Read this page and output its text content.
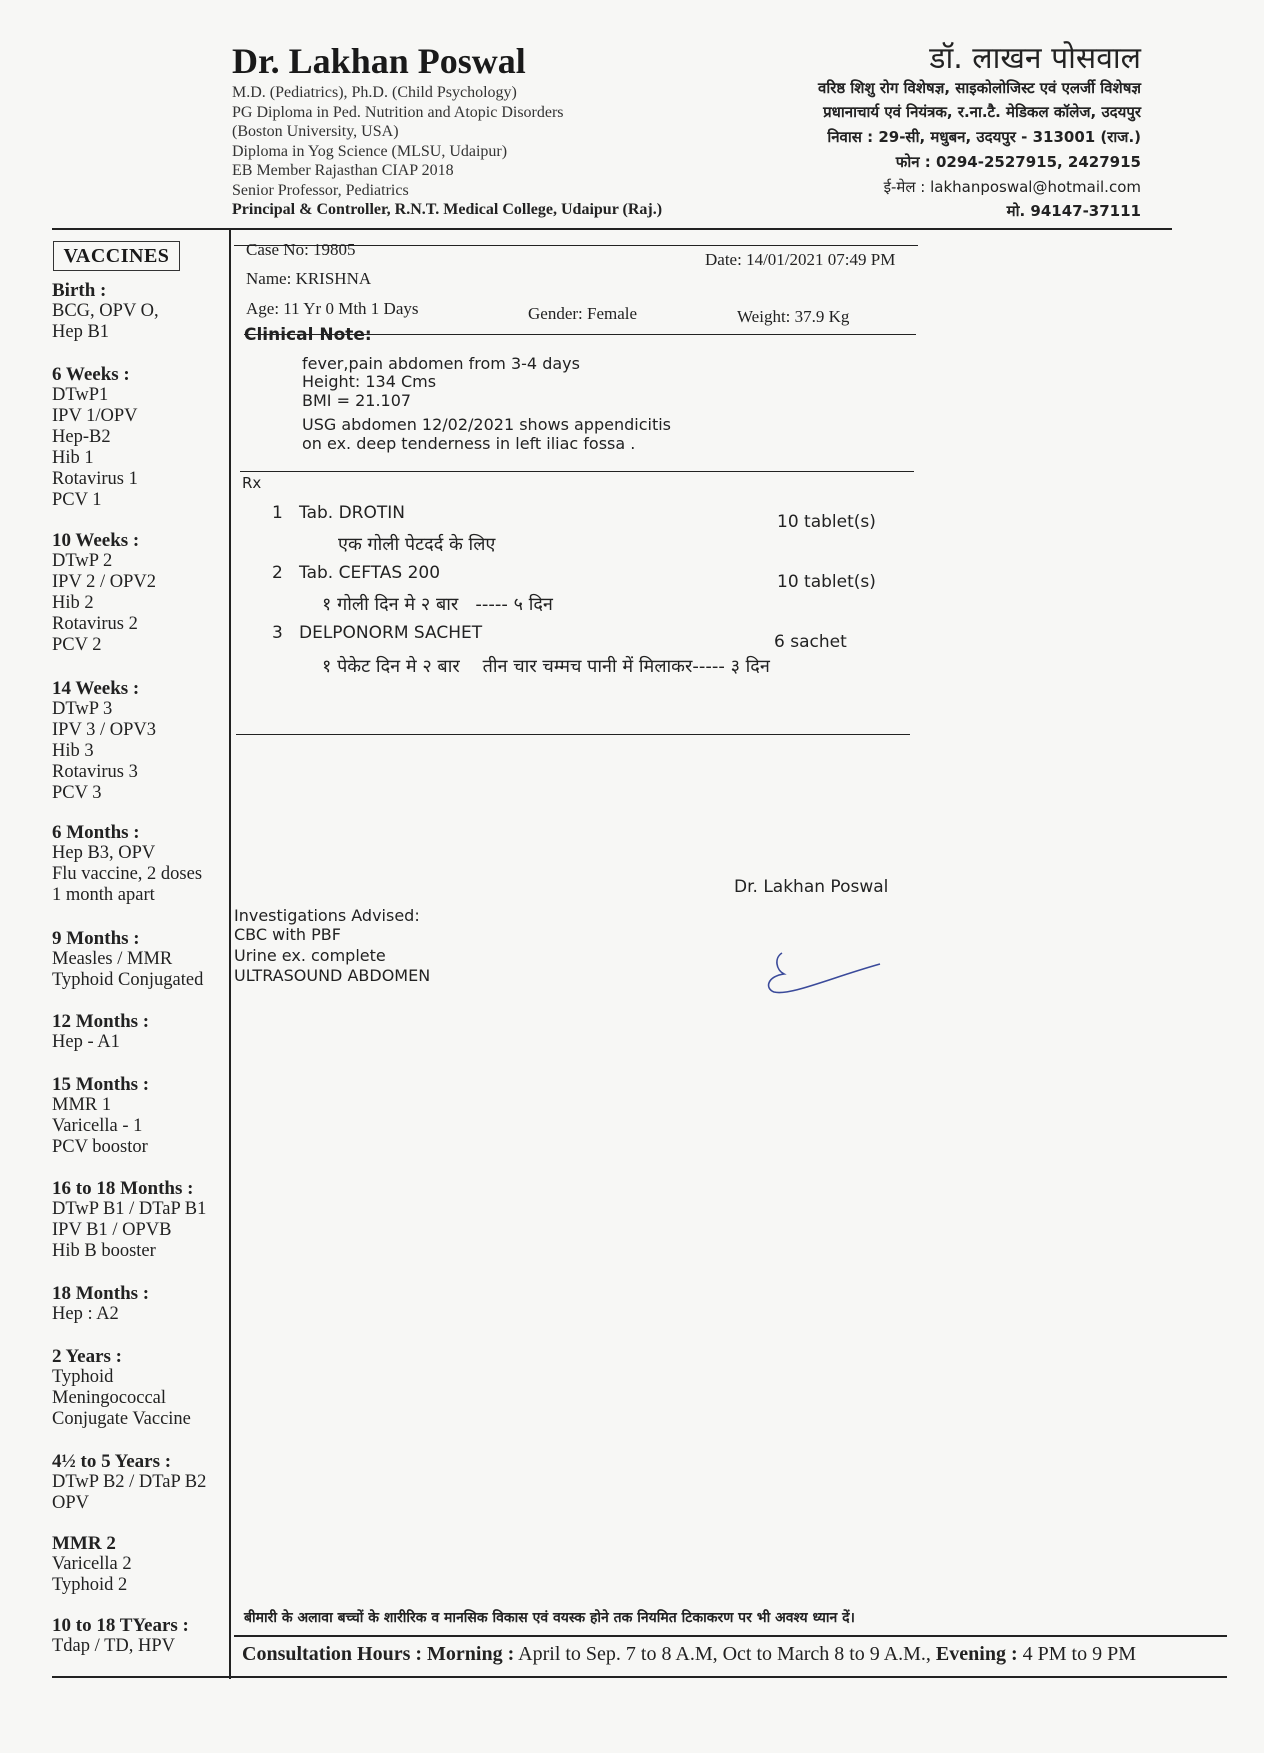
Dr. Lakhan Poswal
M.D. (Pediatrics), Ph.D. (Child Psychology)
PG Diploma in Ped. Nutrition and Atopic Disorders
(Boston University, USA)
Diploma in Yog Science (MLSU, Udaipur)
EB Member Rajasthan CIAP 2018
Senior Professor, Pediatrics
Principal & Controller, R.N.T. Medical College, Udaipur (Raj.)
डॉ. लाखन पोसवाल
वरिष्ठ शिशु रोग विशेषज्ञ, साइकोलोजिस्ट एवं एलर्जी विशेषज्ञ
प्रधानाचार्य एवं नियंत्रक, र.ना.टै. मेडिकल कॉलेज, उदयपुर
निवास : 29-सी, मधुबन, उदयपुर - 313001 (राज.)
फोन : 0294-2527915, 2427915
ई-मेल : lakhanposwal@hotmail.com
मो. 94147-37111
VACCINES
Birth :
BCG, OPV O,
Hep B1
6 Weeks :
DTwP1
IPV 1/OPV
Hep-B2
Hib 1
Rotavirus 1
PCV 1
10 Weeks :
DTwP 2
IPV 2 / OPV2
Hib 2
Rotavirus 2
PCV 2
14 Weeks :
DTwP 3
IPV 3 / OPV3
Hib 3
Rotavirus 3
PCV 3
6 Months :
Hep B3, OPV
Flu vaccine, 2 doses
1 month apart
9 Months :
Measles / MMR
Typhoid Conjugated
12 Months :
Hep - A1
15 Months :
MMR 1
Varicella - 1
PCV boostor
16 to 18 Months :
DTwP B1 / DTaP B1
IPV B1 / OPVB
Hib B booster
18 Months :
Hep : A2
2 Years :
Typhoid
Meningococcal
Conjugate Vaccine
4½ to 5 Years :
DTwP B2 / DTaP B2
OPV
MMR 2
Varicella 2
Typhoid 2
10 to 18 TYears :
Tdap / TD, HPV
Case No: 19805
Date: 14/01/2021 07:49 PM
Name: KRISHNA
Age: 11 Yr 0 Mth 1 Days	Gender: Female	Weight: 37.9 Kg
Clinical Note:
fever,pain abdomen from 3-4 days
Height: 134 Cms
BMI = 21.107
USG abdomen 12/02/2021 shows appendicitis
on ex. deep tenderness in left iliac fossa .
Rx
1 Tab. DROTIN	10 tablet(s)
एक गोली पेटदर्द के लिए
2 Tab. CEFTAS 200	10 tablet(s)
१ गोली दिन मे २ बार   ----- ५ दिन
3 DELPONORM SACHET	6 sachet
१ पेकेट दिन मे २ बार    तीन चार चम्मच पानी में मिलाकर----- ३ दिन
Dr. Lakhan Poswal
Investigations Advised:
CBC with PBF
Urine ex. complete
ULTRASOUND ABDOMEN
बीमारी के अलावा बच्चों के शारीरिक व मानसिक विकास एवं वयस्क होने तक नियमित टिकाकरण पर भी अवश्य ध्यान दें।
Consultation Hours : Morning : April to Sep. 7 to 8 A.M, Oct to March 8 to 9 A.M., Evening : 4 PM to 9 PM
